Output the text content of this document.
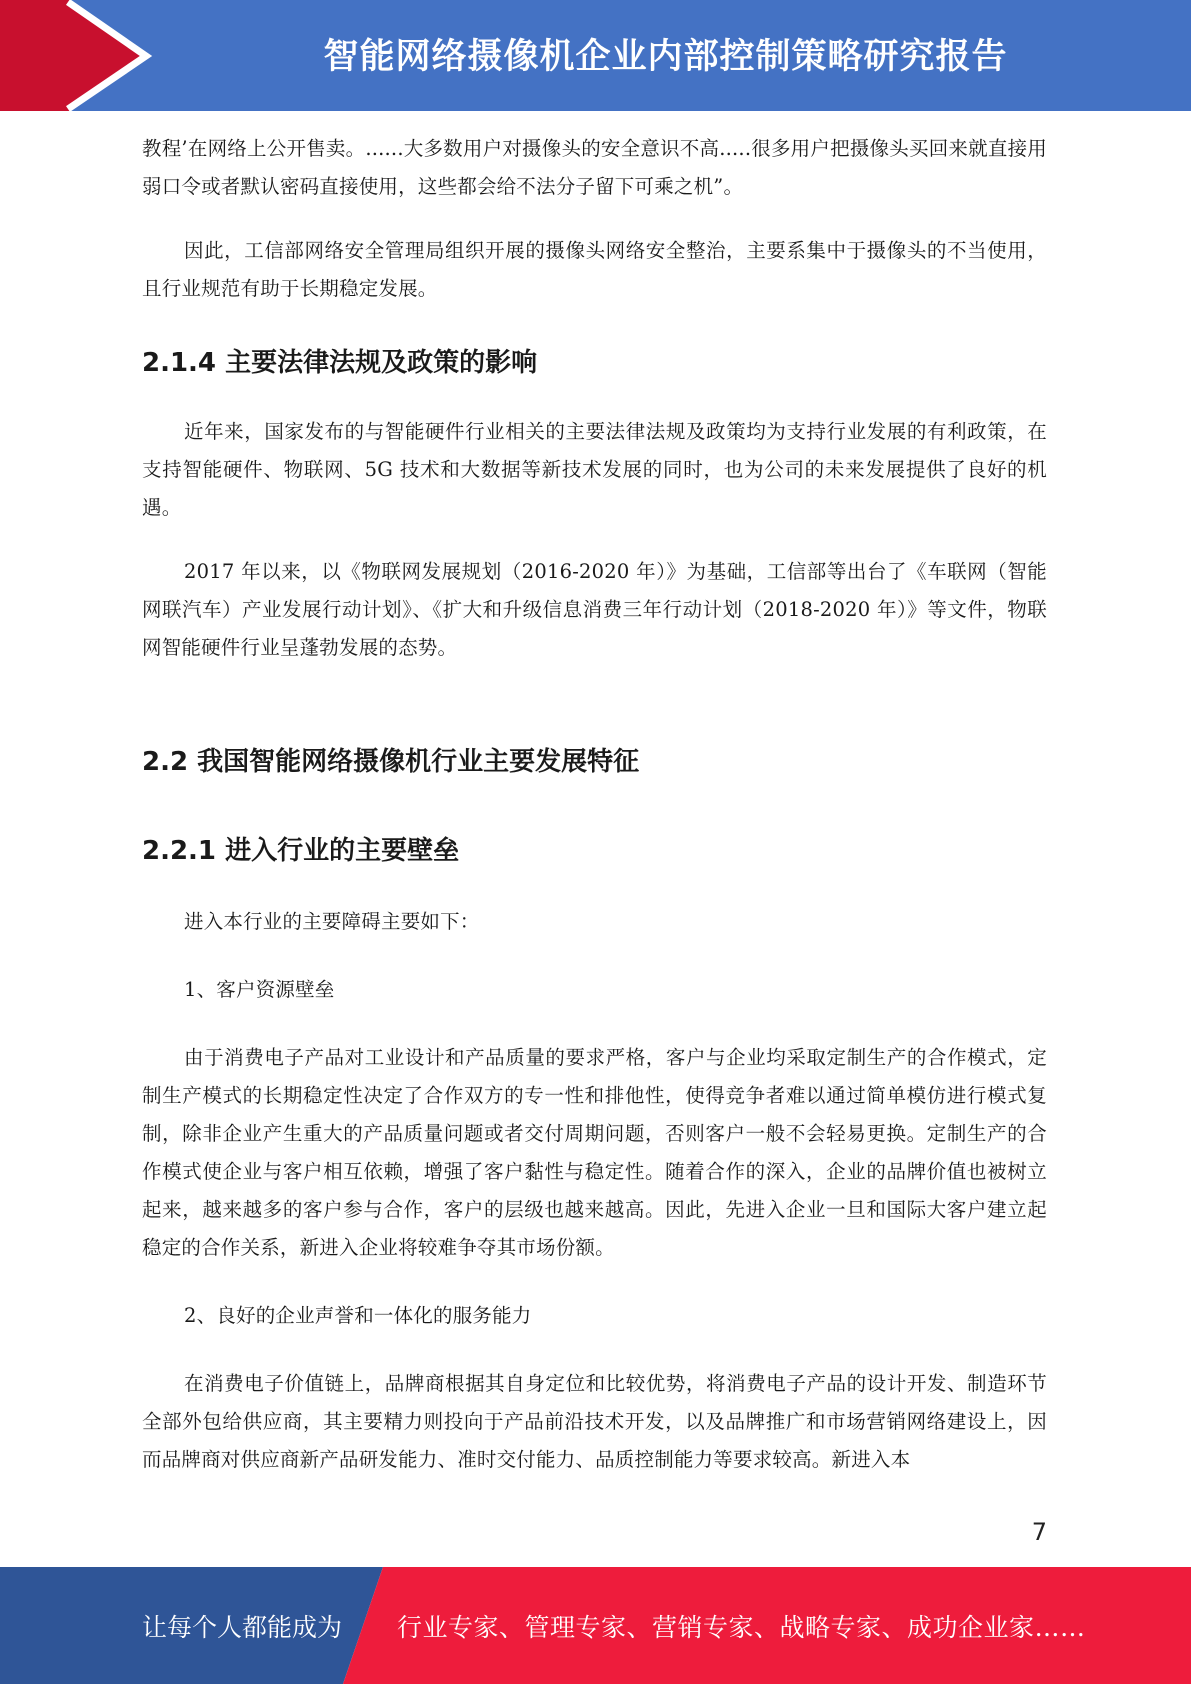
智能网络摄像机企业内部控制策略研究报告

教程’在网络上公开售卖。......大多数用户对摄像头的安全意识不高.....很多用户把摄像头买回来就直接用弱口令或者默认密码直接使用，这些都会给不法分子留下可乘之机”。

因此，工信部网络安全管理局组织开展的摄像头网络安全整治，主要系集中于摄像头的不当使用，且行业规范有助于长期稳定发展。

2.1.4 主要法律法规及政策的影响

近年来，国家发布的与智能硬件行业相关的主要法律法规及政策均为支持行业发展的有利政策，在支持智能硬件、物联网、5G 技术和大数据等新技术发展的同时，也为公司的未来发展提供了良好的机遇。

2017 年以来，以《物联网发展规划（2016-2020 年）》为基础，工信部等出台了《车联网（智能网联汽车）产业发展行动计划》、《扩大和升级信息消费三年行动计划（2018-2020 年）》等文件，物联网智能硬件行业呈蓬勃发展的态势。

2.2 我国智能网络摄像机行业主要发展特征
2.2.1 进入行业的主要壁垒

进入本行业的主要障碍主要如下：

1、客户资源壁垒

由于消费电子产品对工业设计和产品质量的要求严格，客户与企业均采取定制生产的合作模式，定制生产模式的长期稳定性决定了合作双方的专一性和排他性，使得竞争者难以通过简单模仿进行模式复制，除非企业产生重大的产品质量问题或者交付周期问题，否则客户一般不会轻易更换。定制生产的合作模式使企业与客户相互依赖，增强了客户黏性与稳定性。随着合作的深入，企业的品牌价值也被树立起来，越来越多的客户参与合作，客户的层级也越来越高。因此，先进入企业一旦和国际大客户建立起稳定的合作关系，新进入企业将较难争夺其市场份额。

2、良好的企业声誉和一体化的服务能力

在消费电子价值链上，品牌商根据其自身定位和比较优势，将消费电子产品的设计开发、制造环节全部外包给供应商，其主要精力则投向于产品前沿技术开发，以及品牌推广和市场营销网络建设上，因而品牌商对供应商新产品研发能力、准时交付能力、品质控制能力等要求较高。新进入本

7
让每个人都能成为 行业专家、管理专家、营销专家、战略专家、成功企业家……
